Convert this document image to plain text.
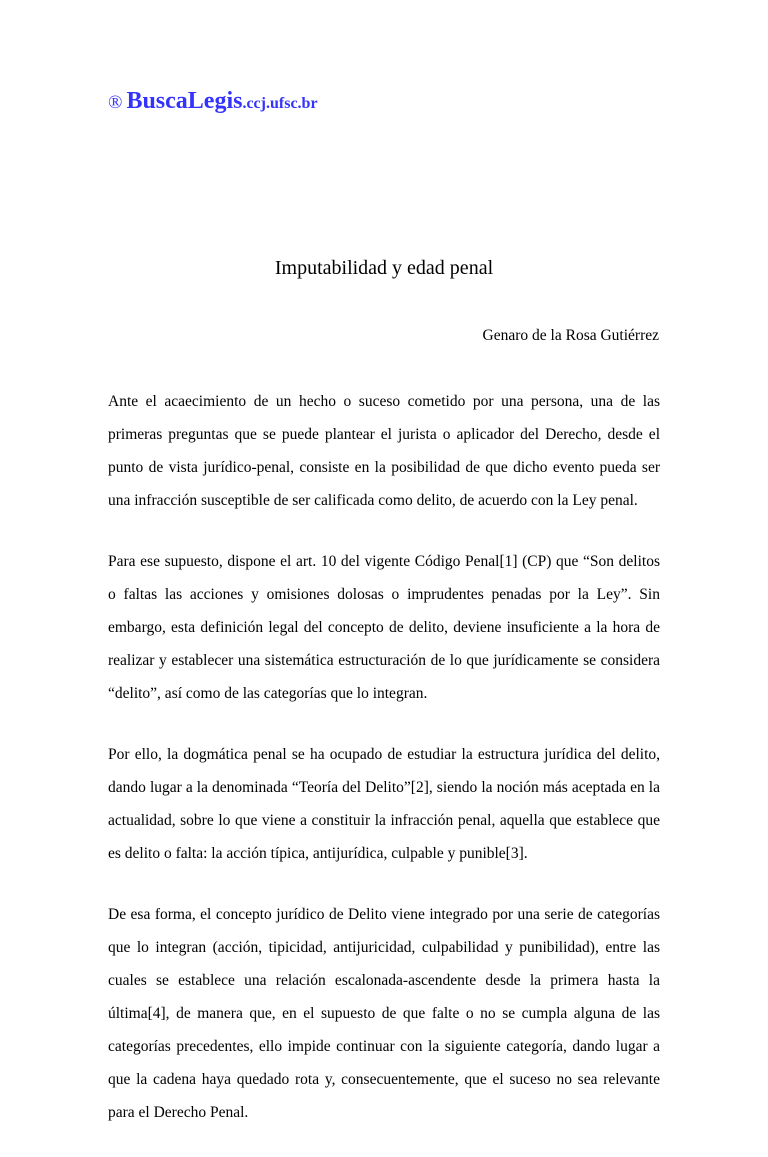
® BuscaLegis.ccj.ufsc.br
Imputabilidad y edad penal
Genaro de la Rosa Gutiérrez

Ante el acaecimiento de un hecho o suceso cometido por una persona, una de las primeras preguntas que se puede plantear el jurista o aplicador del Derecho, desde el punto de vista jurídico-penal, consiste en la posibilidad de que dicho evento pueda ser una infracción susceptible de ser calificada como delito, de acuerdo con la Ley penal.

Para ese supuesto, dispone el art. 10 del vigente Código Penal[1] (CP) que “Son delitos o faltas las acciones y omisiones dolosas o imprudentes penadas por la Ley”. Sin embargo, esta definición legal del concepto de delito, deviene insuficiente a la hora de realizar y establecer una sistemática estructuración de lo que jurídicamente se considera “delito”, así como de las categorías que lo integran.

Por ello, la dogmática penal se ha ocupado de estudiar la estructura jurídica del delito, dando lugar a la denominada “Teoría del Delito”[2], siendo la noción más aceptada en la actualidad, sobre lo que viene a constituir la infracción penal, aquella que establece que es delito o falta: la acción típica, antijurídica, culpable y punible[3].

De esa forma, el concepto jurídico de Delito viene integrado por una serie de categorías que lo integran (acción, tipicidad, antijuricidad, culpabilidad y punibilidad), entre las cuales se establece una relación escalonada-ascendente desde la primera hasta la última[4], de manera que, en el supuesto de que falte o no se cumpla alguna de las categorías precedentes, ello impide continuar con la siguiente categoría, dando lugar a que la cadena haya quedado rota y, consecuentemente, que el suceso no sea relevante para el Derecho Penal.
